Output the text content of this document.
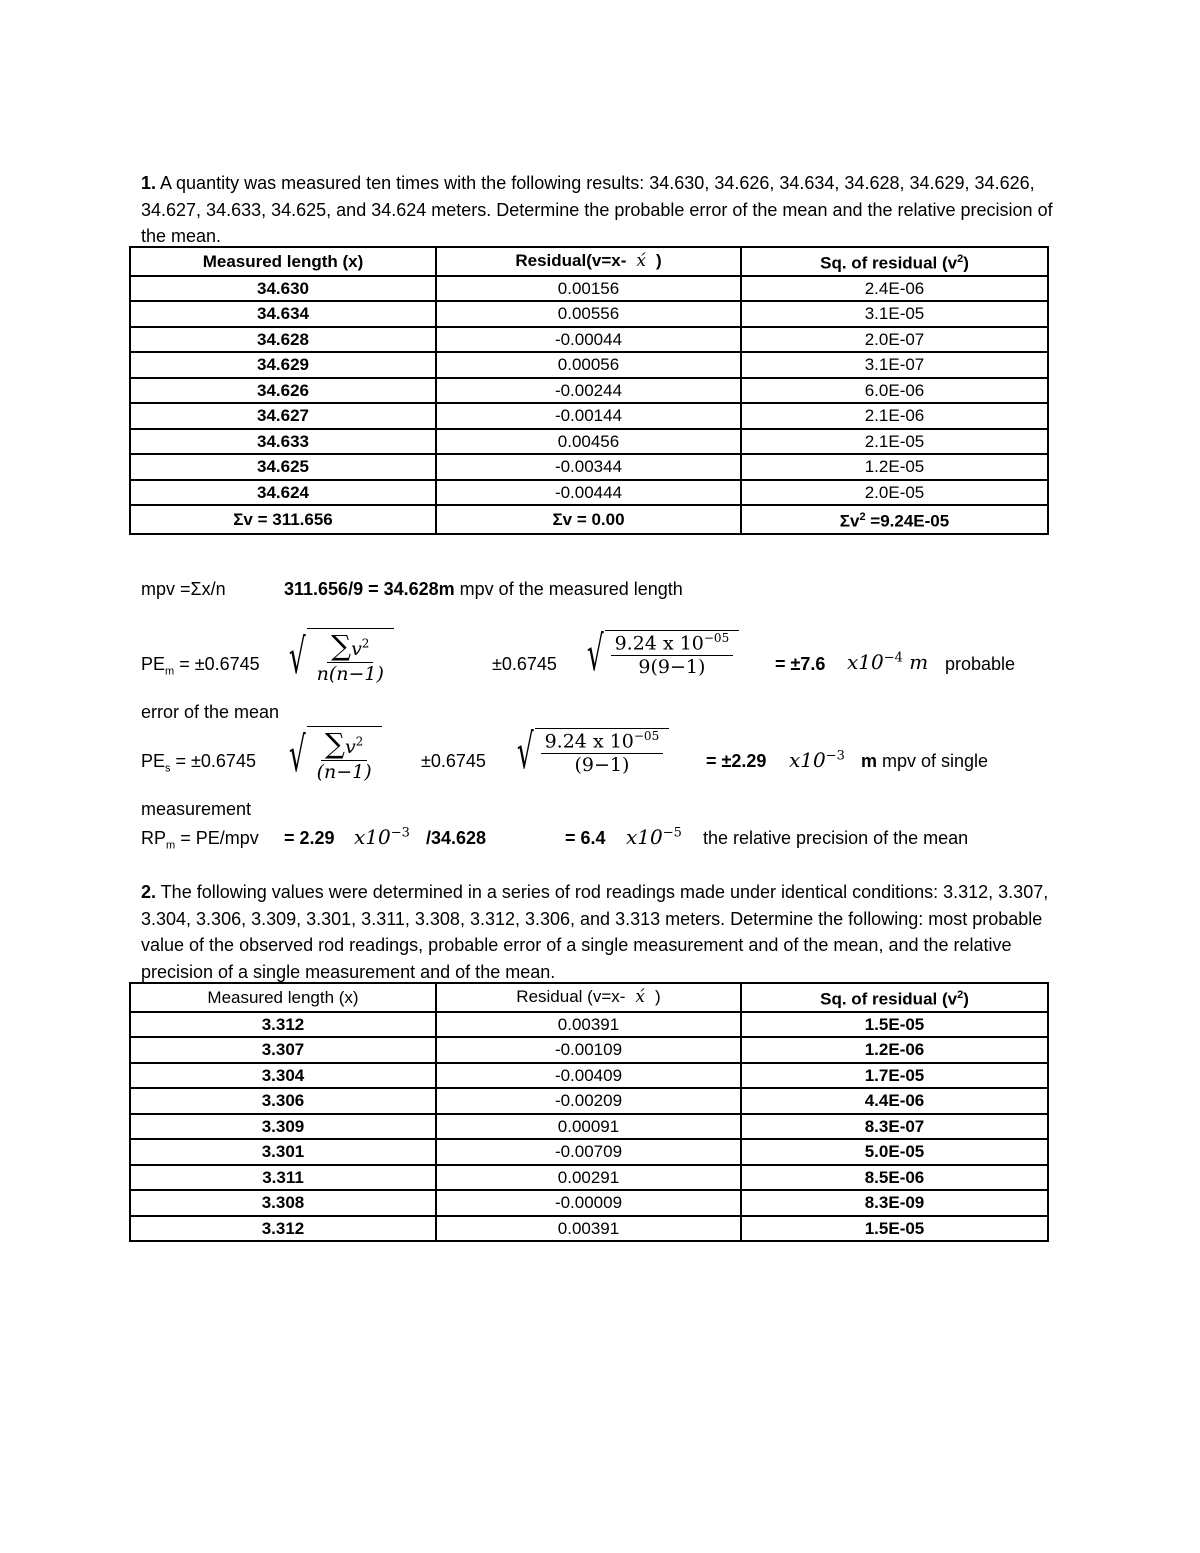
1. A quantity was measured ten times with the following results: 34.630, 34.626, 34.634, 34.628, 34.629, 34.626, 34.627, 34.633, 34.625, and 34.624 meters. Determine the probable error of the mean and the relative precision of the mean.

Measured length (x)	Residual(v=x- x́ )	Sq. of residual $(v^2)$
34.630	0.00156	2.4E-06
34.634	0.00556	3.1E-05
34.628	-0.00044	2.0E-07
34.629	0.00056	3.1E-07
34.626	-0.00244	6.0E-06
34.627	-0.00144	2.1E-06
34.633	0.00456	2.1E-05
34.625	-0.00344	1.2E-05
34.624	-0.00444	2.0E-05
Σv = 311.656	Σv = 0.00	$\Sigma v^2 =9.24E-05$
mpv =Σx/n	311.656/9 = 34.628m mpv of the measured length
$PE_m = \pm 0.6745$ √ $\frac{\sum v^2}{n(n-1)}$	±0.6745 √ $\frac{9.24 x 10^{-05}}{9(9-1)} = \pm 7.6$ $x10^{-4}$ m probable
error of the mean
$PE_s = \pm 0.6745$ √ $\frac{\sum v^2}{(n-1)} \pm 0.6745$ √ $\frac{9.24 x 10^{-05}}{(9-1)} = \pm 2.29$ $x10^{-3}$ m mpv of single
measurement
$RP_m = PE/mpv = 2.29$ $x10^{-3}$ /34.628	= 6.4 $x10^{-5}$ the relative precision of the mean

2. The following values were determined in a series of rod readings made under identical conditions: 3.312, 3.307, 3.304, 3.306, 3.309, 3.301, 3.311, 3.308, 3.312, 3.306, and 3.313 meters. Determine the following: most probable value of the observed rod readings, probable error of a single measurement and of the mean, and the relative precision of a single measurement and of the mean.

Measured length (x)	Residual (v=x- x́ )	Sq. of residual $(v^2)$
3.312	0.00391	1.5E-05
3.307	-0.00109	1.2E-06
3.304	-0.00409	1.7E-05
3.306	-0.00209	4.4E-06
3.309	0.00091	8.3E-07
3.301	-0.00709	5.0E-05
3.311	0.00291	8.5E-06
3.308	-0.00009	8.3E-09
3.312	0.00391	1.5E-05
